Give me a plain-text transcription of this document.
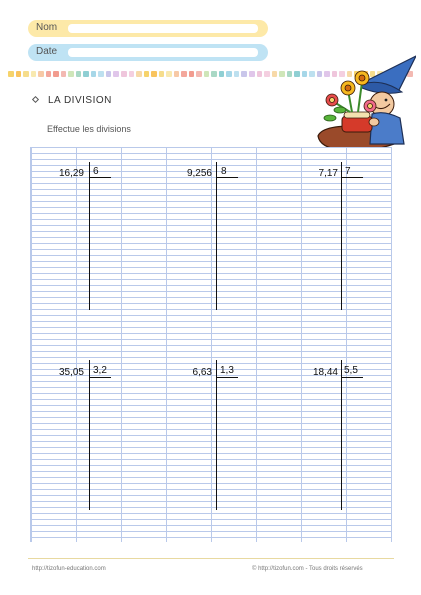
Nom
Date
LA DIVISION
Effectue les divisions
16,29 6	9,256 8	7,17 7
35,05 3,2	6,63 1,3	18,44 5,5
http://tizofun-education.com	© http://tizofun.com - Tous droits réservés
